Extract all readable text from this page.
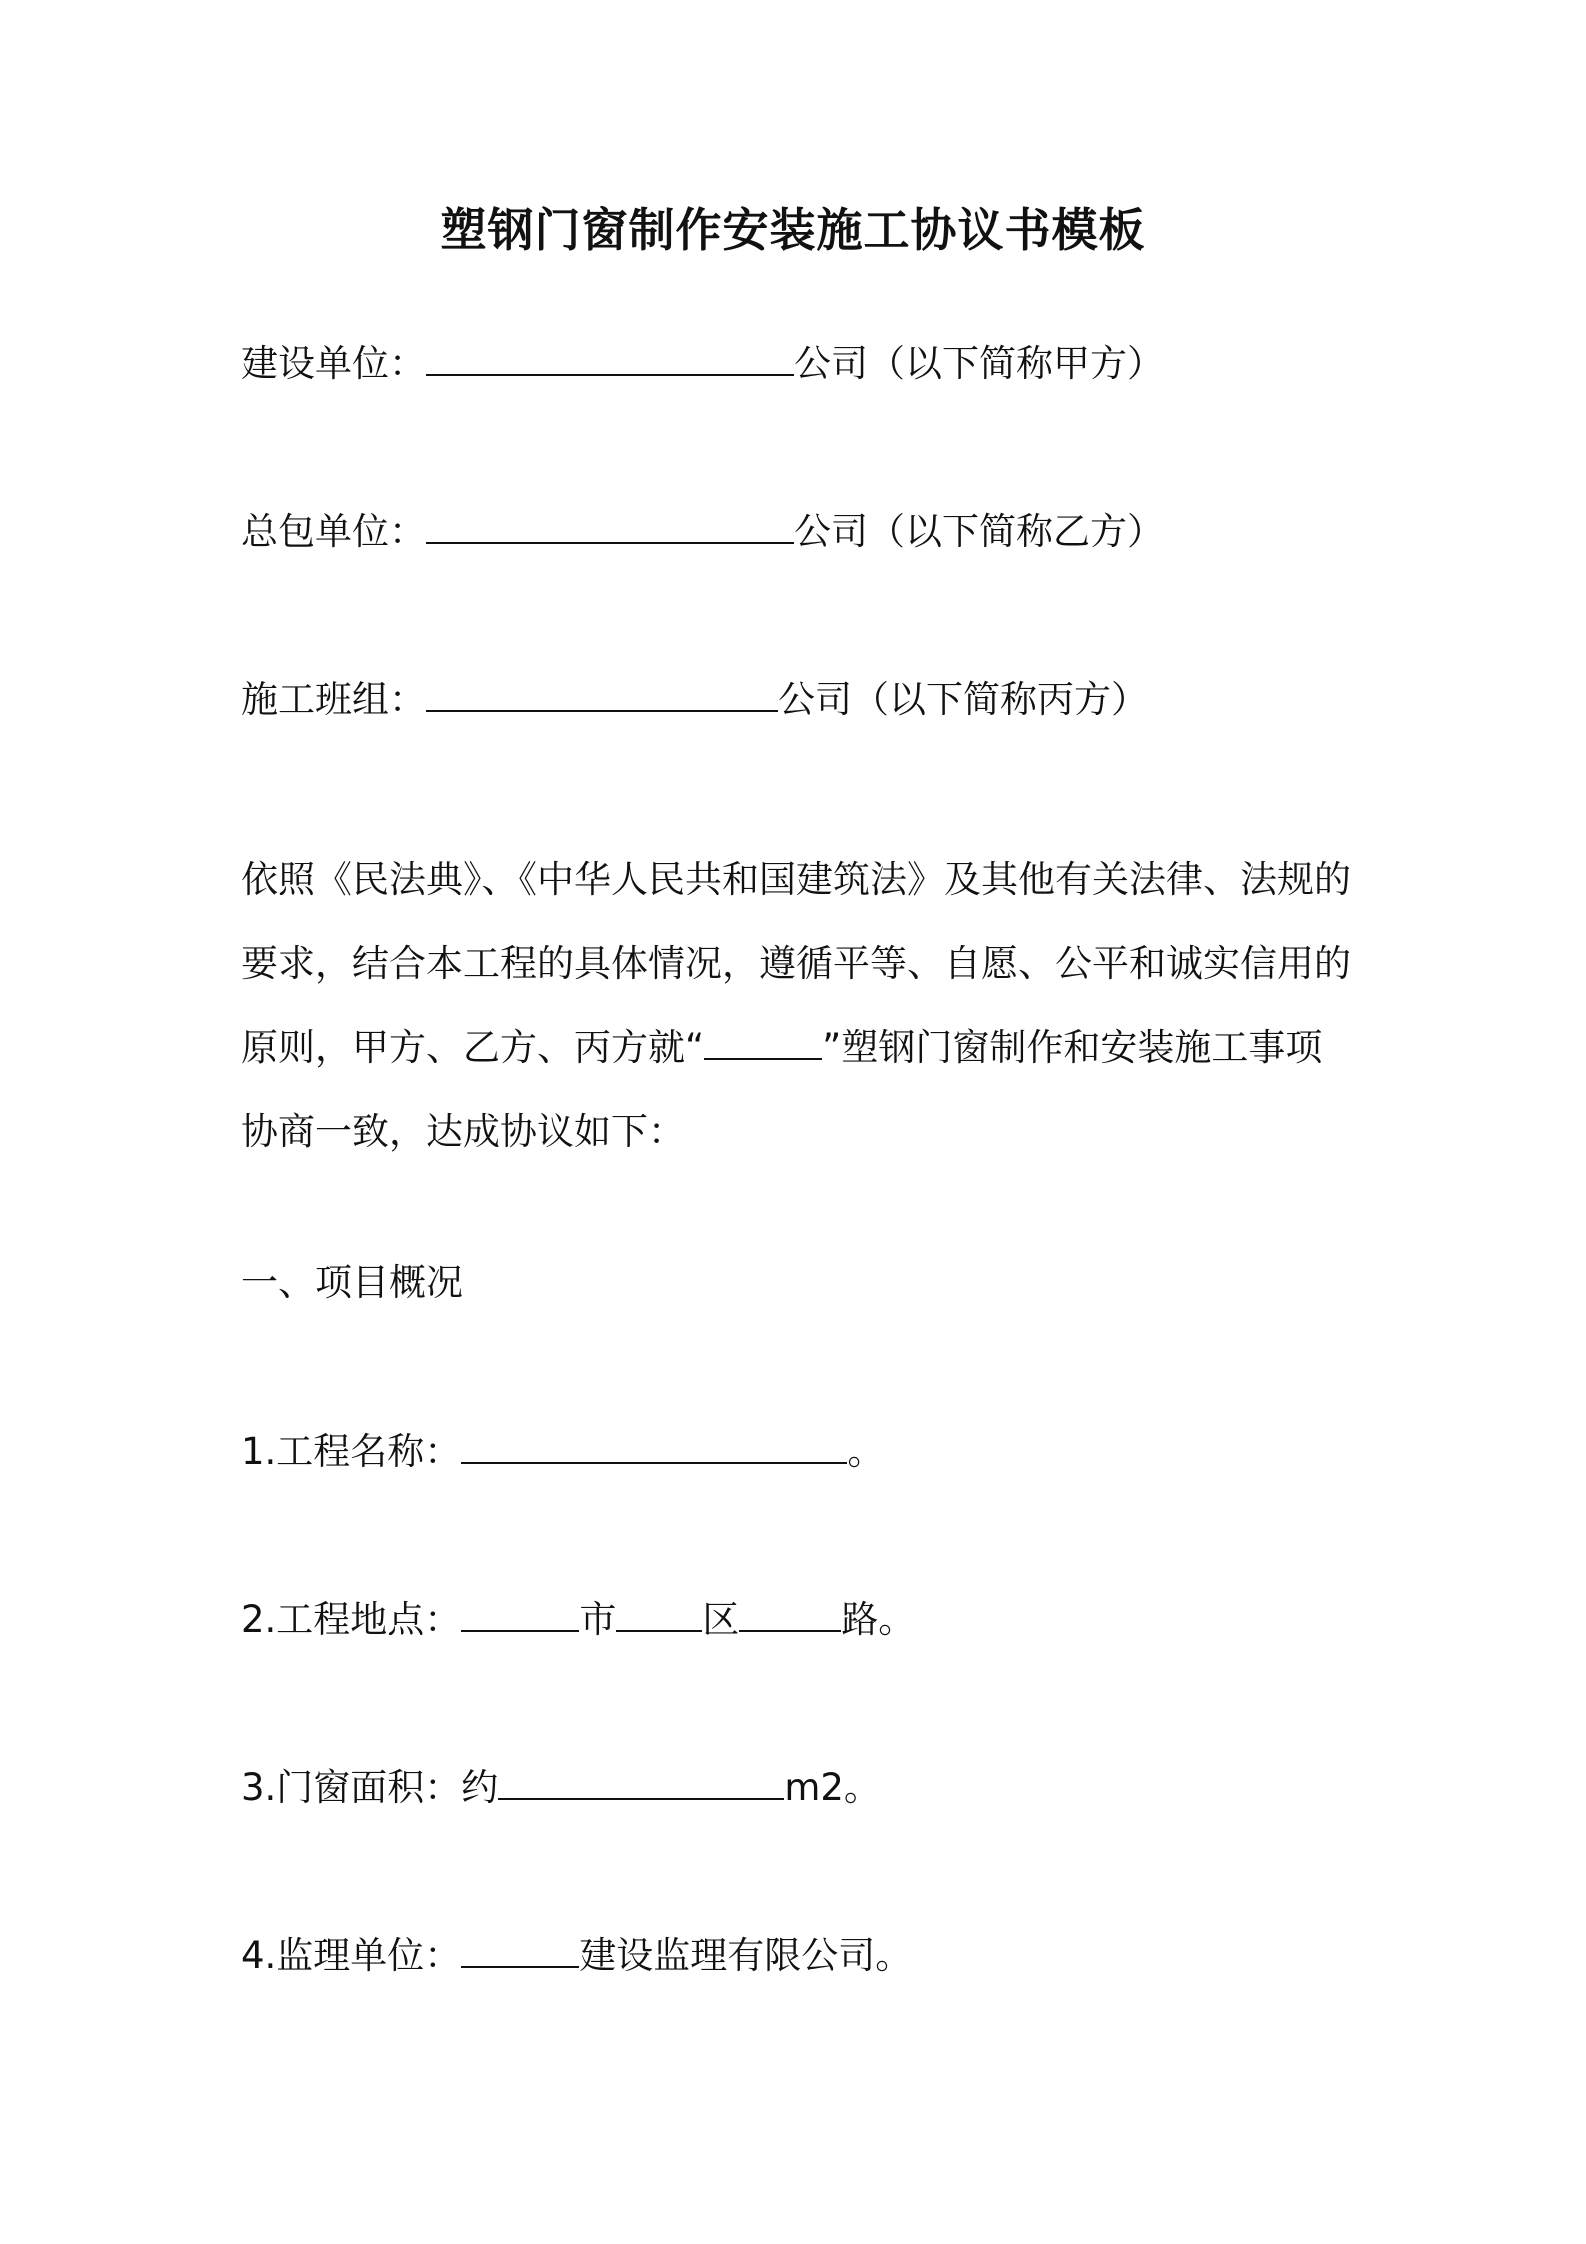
塑钢门窗制作安装施工协议书模板
建设单位：	公司（以下简称甲方）
总包单位：	公司（以下简称乙方）
施工班组：	公司（以下简称丙方）
依照《民法典》、《中华人民共和国建筑法》及其他有关法律、法规的
要求，结合本工程的具体情况，遵循平等、自愿、公平和诚实信用的
原则，甲方、乙方、丙方就“	”塑钢门窗制作和安装施工事项
协商一致，达成协议如下：
一、项目概况
1.工程名称：	。
2.工程地点：	市 区	路。
3.门窗面积：约	m2。
4.监理单位：	建设监理有限公司。
